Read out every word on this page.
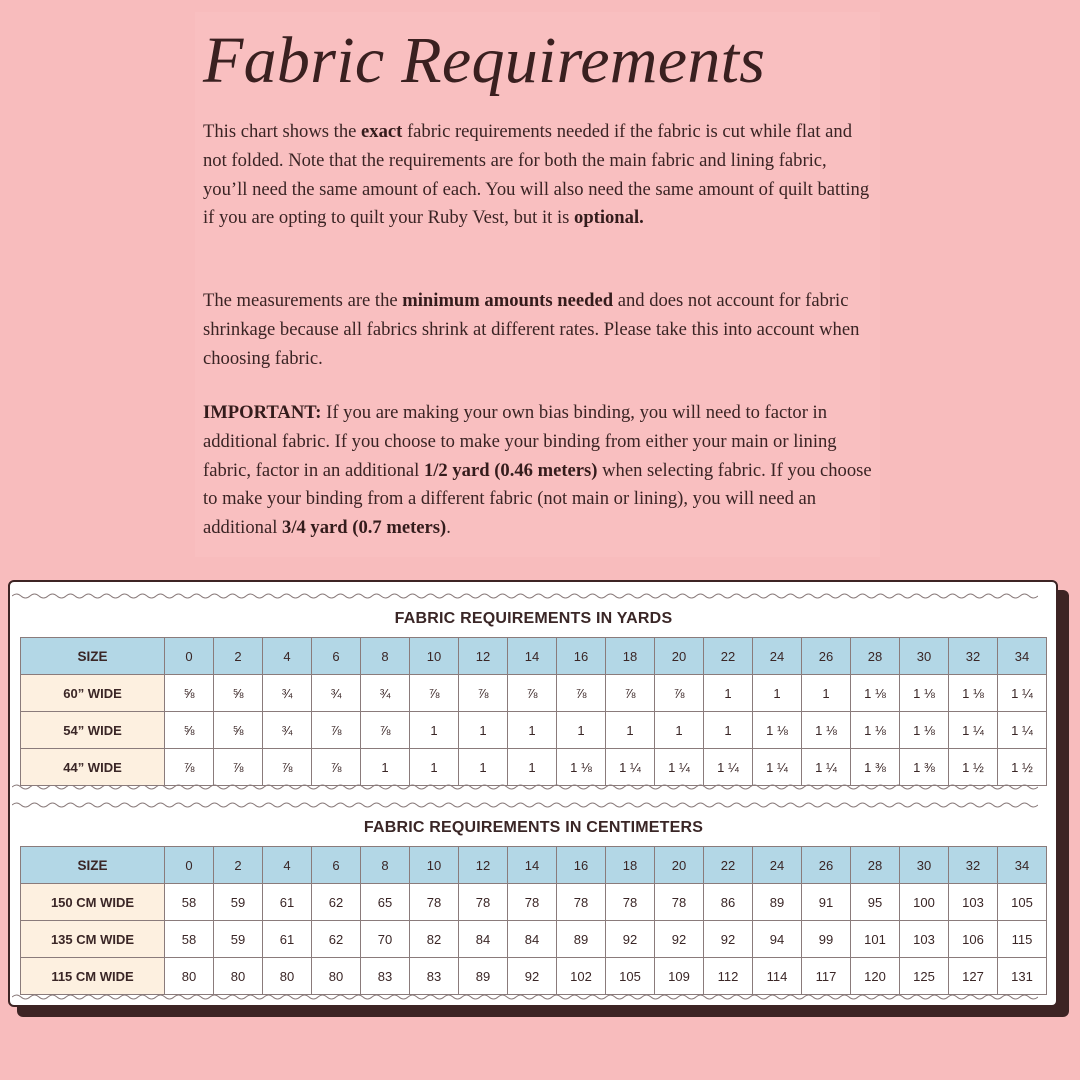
Fabric Requirements

This chart shows the exact fabric requirements needed if the fabric is cut while flat and not folded. Note that the requirements are for both the main fabric and lining fabric, you’ll need the same amount of each. You will also need the same amount of quilt batting if you are opting to quilt your Ruby Vest, but it is optional.

The measurements are the minimum amounts needed and does not account for fabric shrinkage because all fabrics shrink at different rates. Please take this into account when choosing fabric.

IMPORTANT: If you are making your own bias binding, you will need to factor in additional fabric. If you choose to make your binding from either your main or lining fabric, factor in an additional 1/2 yard (0.46 meters) when selecting fabric. If you choose to make your binding from a different fabric (not main or lining), you will need an additional 3/4 yard (0.7 meters).

FABRIC REQUIREMENTS IN YARDS																		
SIZE	0	2	4	6	8	10	12	14	16	18	20	22	24	26	28	30	32	34
60” WIDE	⅝	⅝	¾	¾	¾	⅞	⅞	⅞	⅞	⅞	⅞	1	1	1	1 ⅛	1 ⅛	1 ⅛	1 ¼
54” WIDE	⅝	⅝	¾	⅞	⅞	1	1	1	1	1	1	1	1 ⅛	1 ⅛	1 ⅛	1 ⅛	1 ¼	1 ¼
44” WIDE	⅞	⅞	⅞	⅞	1	1	1	1	1 ⅛	1 ¼	1 ¼	1 ¼	1 ¼	1 ¼	1 ⅜	1 ⅜	1 ½	1 ½
FABRIC REQUIREMENTS IN CENTIMETERS																		
SIZE	0	2	4	6	8	10	12	14	16	18	20	22	24	26	28	30	32	34
150 CM WIDE	58	59	61	62	65	78	78	78	78	78	78	86	89	91	95	100	103	105
135 CM WIDE	58	59	61	62	70	82	84	84	89	92	92	92	94	99	101	103	106	115
115 CM WIDE	80	80	80	80	83	83	89	92	102	105	109	112	114	117	120	125	127	131
